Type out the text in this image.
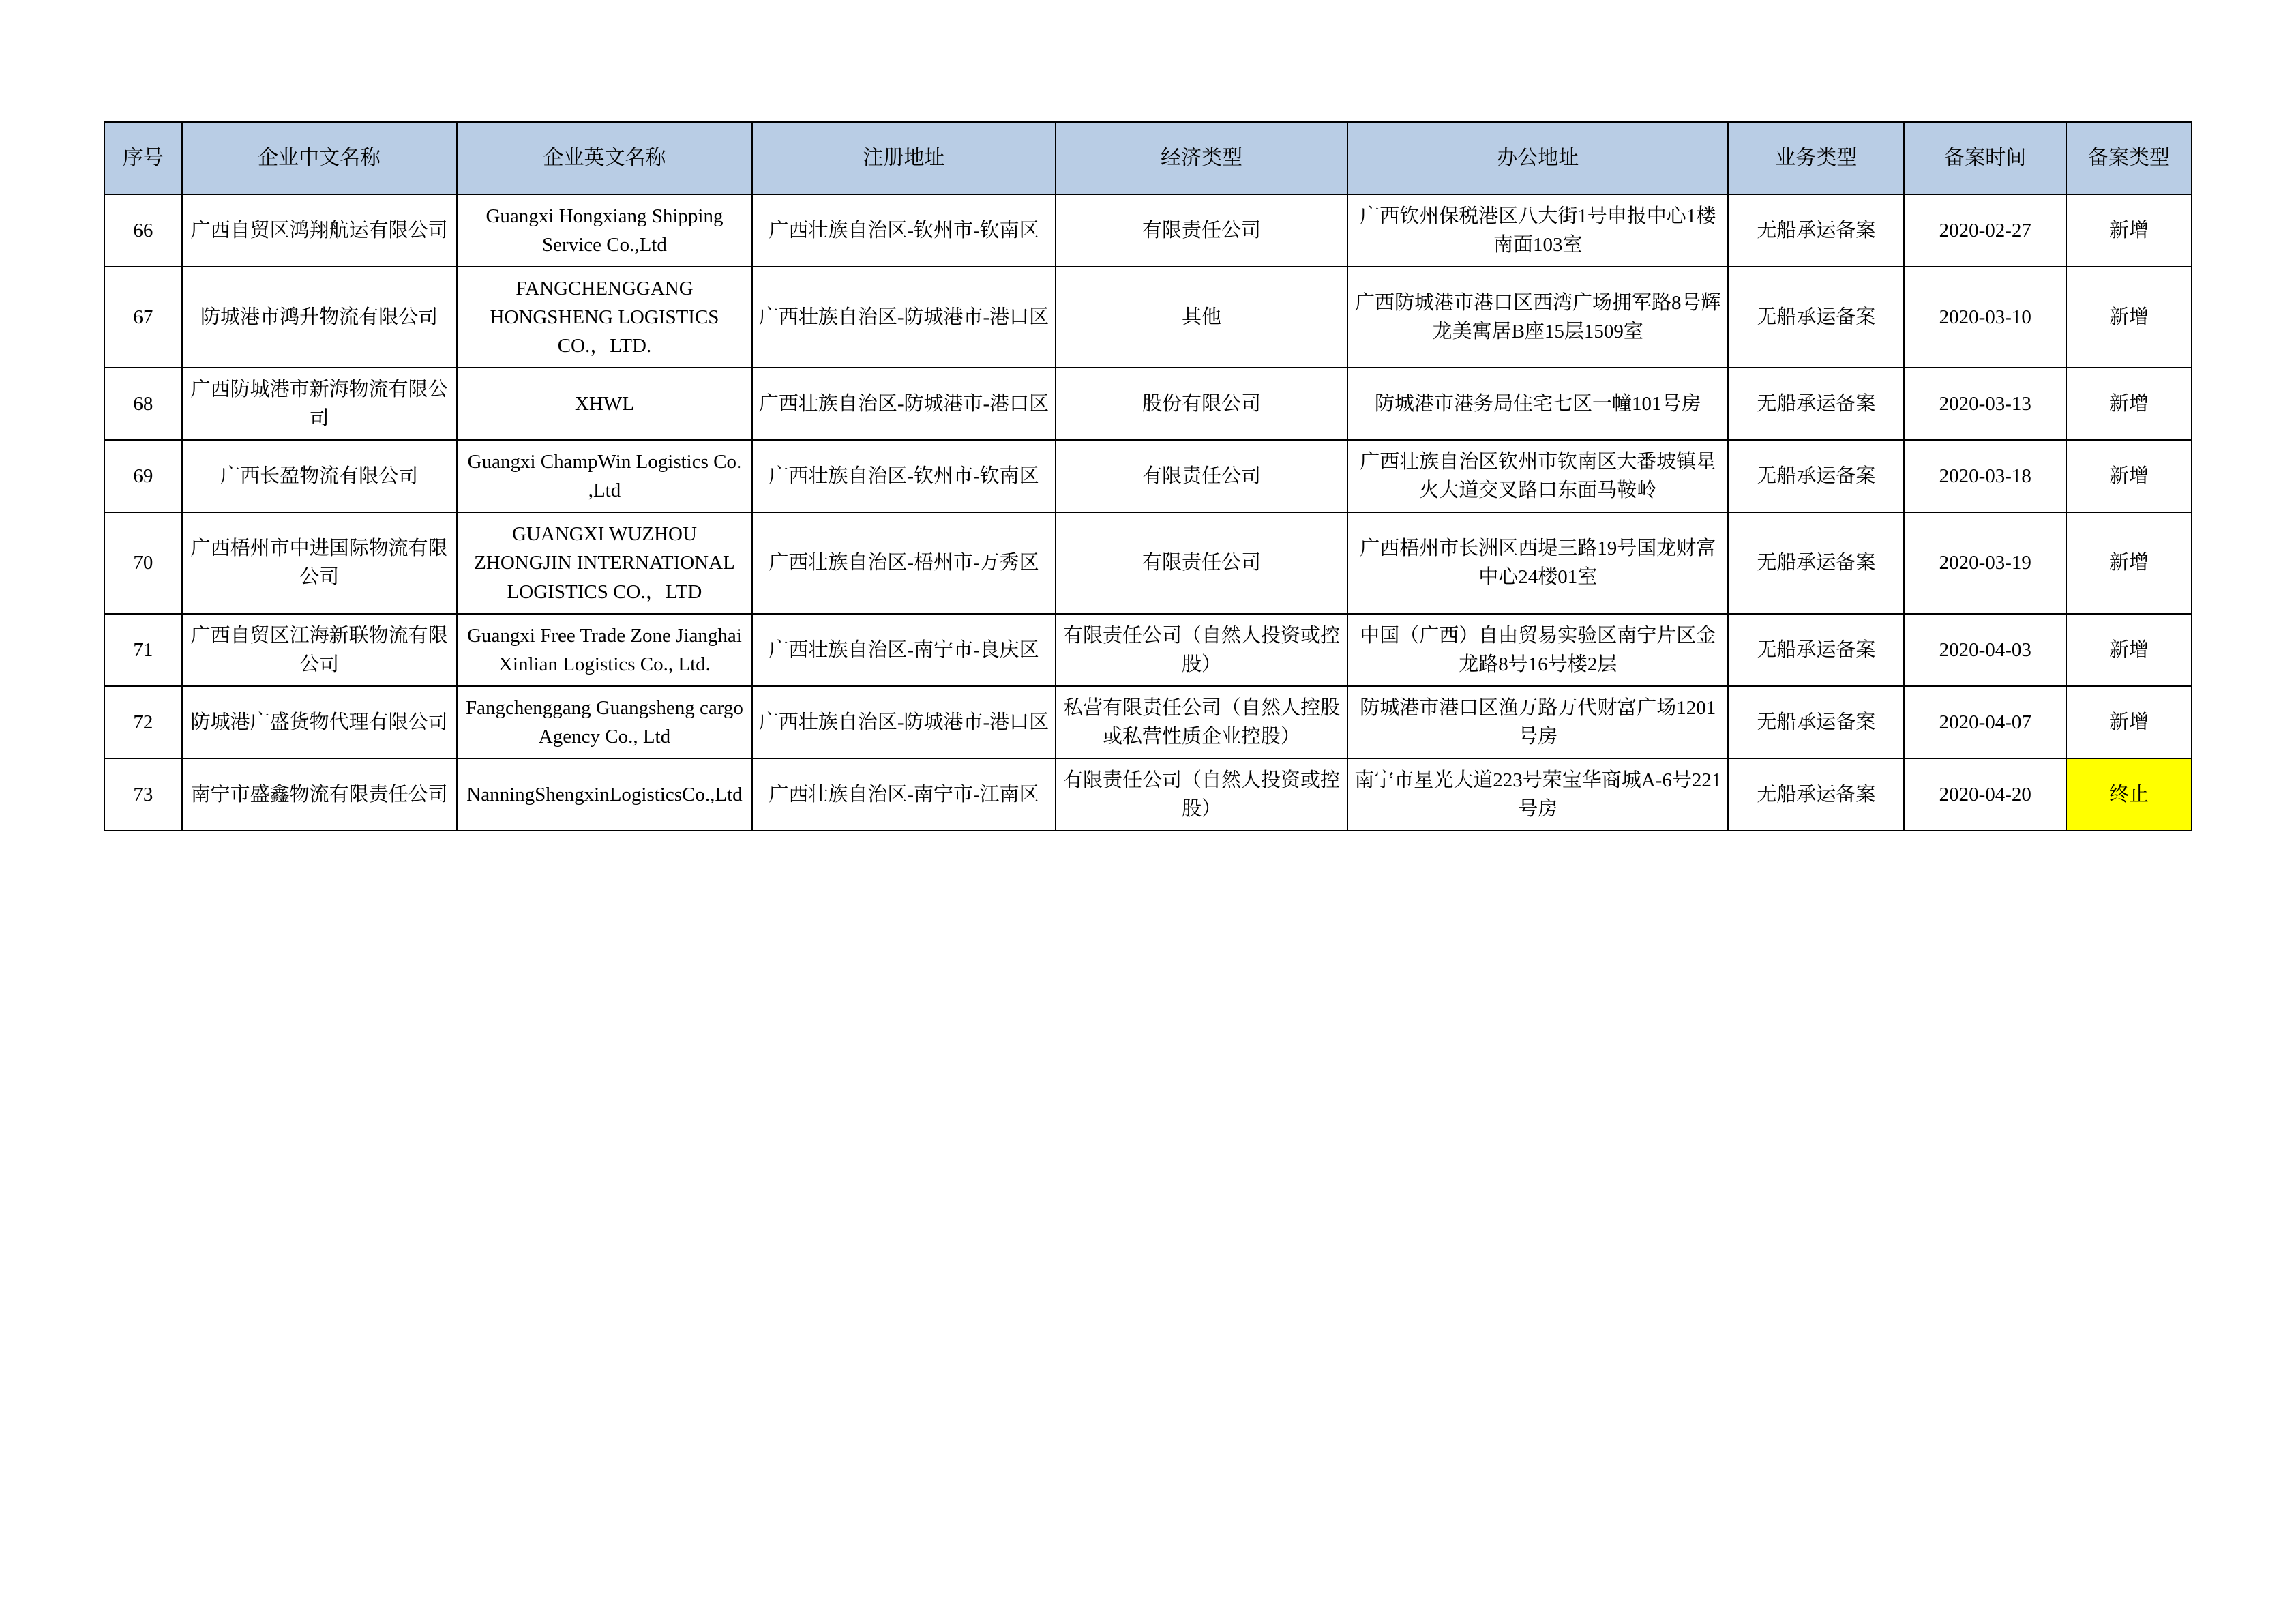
序号	企业中文名称	企业英文名称	注册地址	经济类型	办公地址	业务类型	备案时间	备案类型
66	广西自贸区鸿翔航运有限公司	Guangxi Hongxiang Shipping Service Co.,Ltd	广西壮族自治区-钦州市-钦南区	有限责任公司	广西钦州保税港区八大街1号申报中心1楼南面103室	无船承运备案	2020-02-27	新增
67	防城港市鸿升物流有限公司	FANGCHENGGANG HONGSHENG LOGISTICS CO.，LTD.	广西壮族自治区-防城港市-港口区	其他	广西防城港市港口区西湾广场拥军路8号辉龙美寓居B座15层1509室	无船承运备案	2020-03-10	新增
68	广西防城港市新海物流有限公司	XHWL	广西壮族自治区-防城港市-港口区	股份有限公司	防城港市港务局住宅七区一幢101号房	无船承运备案	2020-03-13	新增
69	广西长盈物流有限公司	Guangxi ChampWin Logistics Co. ,Ltd	广西壮族自治区-钦州市-钦南区	有限责任公司	广西壮族自治区钦州市钦南区大番坡镇星火大道交叉路口东面马鞍岭	无船承运备案	2020-03-18	新增
70	广西梧州市中进国际物流有限公司	GUANGXI WUZHOU ZHONGJIN INTERNATIONAL LOGISTICS CO.，LTD	广西壮族自治区-梧州市-万秀区	有限责任公司	广西梧州市长洲区西堤三路19号国龙财富中心24楼01室	无船承运备案	2020-03-19	新增
71	广西自贸区江海新联物流有限公司	Guangxi Free Trade Zone Jianghai Xinlian Logistics Co., Ltd.	广西壮族自治区-南宁市-良庆区	有限责任公司（自然人投资或控股）	中国（广西）自由贸易实验区南宁片区金龙路8号16号楼2层	无船承运备案	2020-04-03	新增
72	防城港广盛货物代理有限公司	Fangchenggang Guangsheng cargo Agency Co., Ltd	广西壮族自治区-防城港市-港口区	私营有限责任公司（自然人控股或私营性质企业控股）	防城港市港口区渔万路万代财富广场1201号房	无船承运备案	2020-04-07	新增
73	南宁市盛鑫物流有限责任公司	NanningShengxinLogisticsCo.,Ltd	广西壮族自治区-南宁市-江南区	有限责任公司（自然人投资或控股）	南宁市星光大道223号荣宝华商城A-6号221号房	无船承运备案	2020-04-20	终止
